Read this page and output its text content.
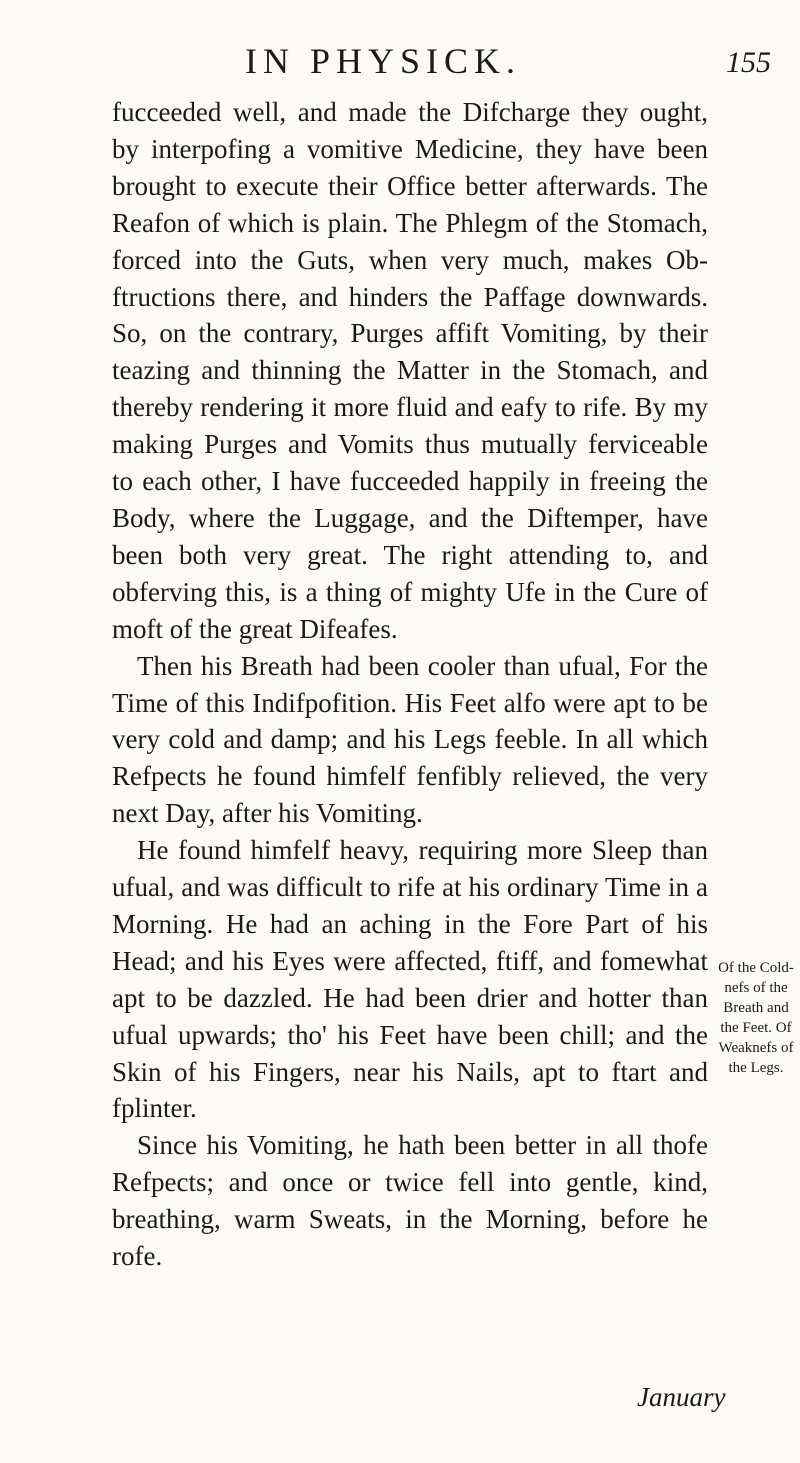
IN PHYSICK.	155

fucceeded well, and made the Difcharge they ought, by interpofing a vomitive Medicine, they have been brought to execute their Office better afterwards. The Reafon of which is plain. The Phlegm of the Stomach, forced into the Guts, when very much, makes Obftructions there, and hinders the Paffage downwards. So, on the contrary, Purges affift Vomiting, by their teazing and thinning the Matter in the Stomach, and thereby rendering it more fluid and eafy to rife. By my making Purges and Vomits thus mutually ferviceable to each other, I have fucceeded happily in freeing the Body, where the Luggage, and the Diftemper, have been both very great. The right attending to, and obferving this, is a thing of mighty Ufe in the Cure of moft of the great Difeafes.

Then his Breath had been cooler than ufual, For the Time of this Indifpofition. His Feet alfo were apt to be very cold and damp; and his Legs feeble. In all which Refpects he found himfelf fenfibly relieved, the very next Day, after his Vomiting.

He found himfelf heavy, requiring more Sleep than ufual, and was difficult to rife at his ordinary Time in a Morning. He had an aching in the Fore Part of his Head; and his Eyes were affected, ftiff, and fomewhat apt to be dazzled. He had been drier and hotter than ufual upwards; tho' his Feet have been chill; and the Skin of his Fingers, near his Nails, apt to ftart and fplinter.

Since his Vomiting, he hath been better in all thofe Refpects; and once or twice fell into gentle, kind, breathing, warm Sweats, in the Morning, before he rofe.

Of the Coldnefs of the Breath and the Feet. Of Weaknefs of the Legs.
January
